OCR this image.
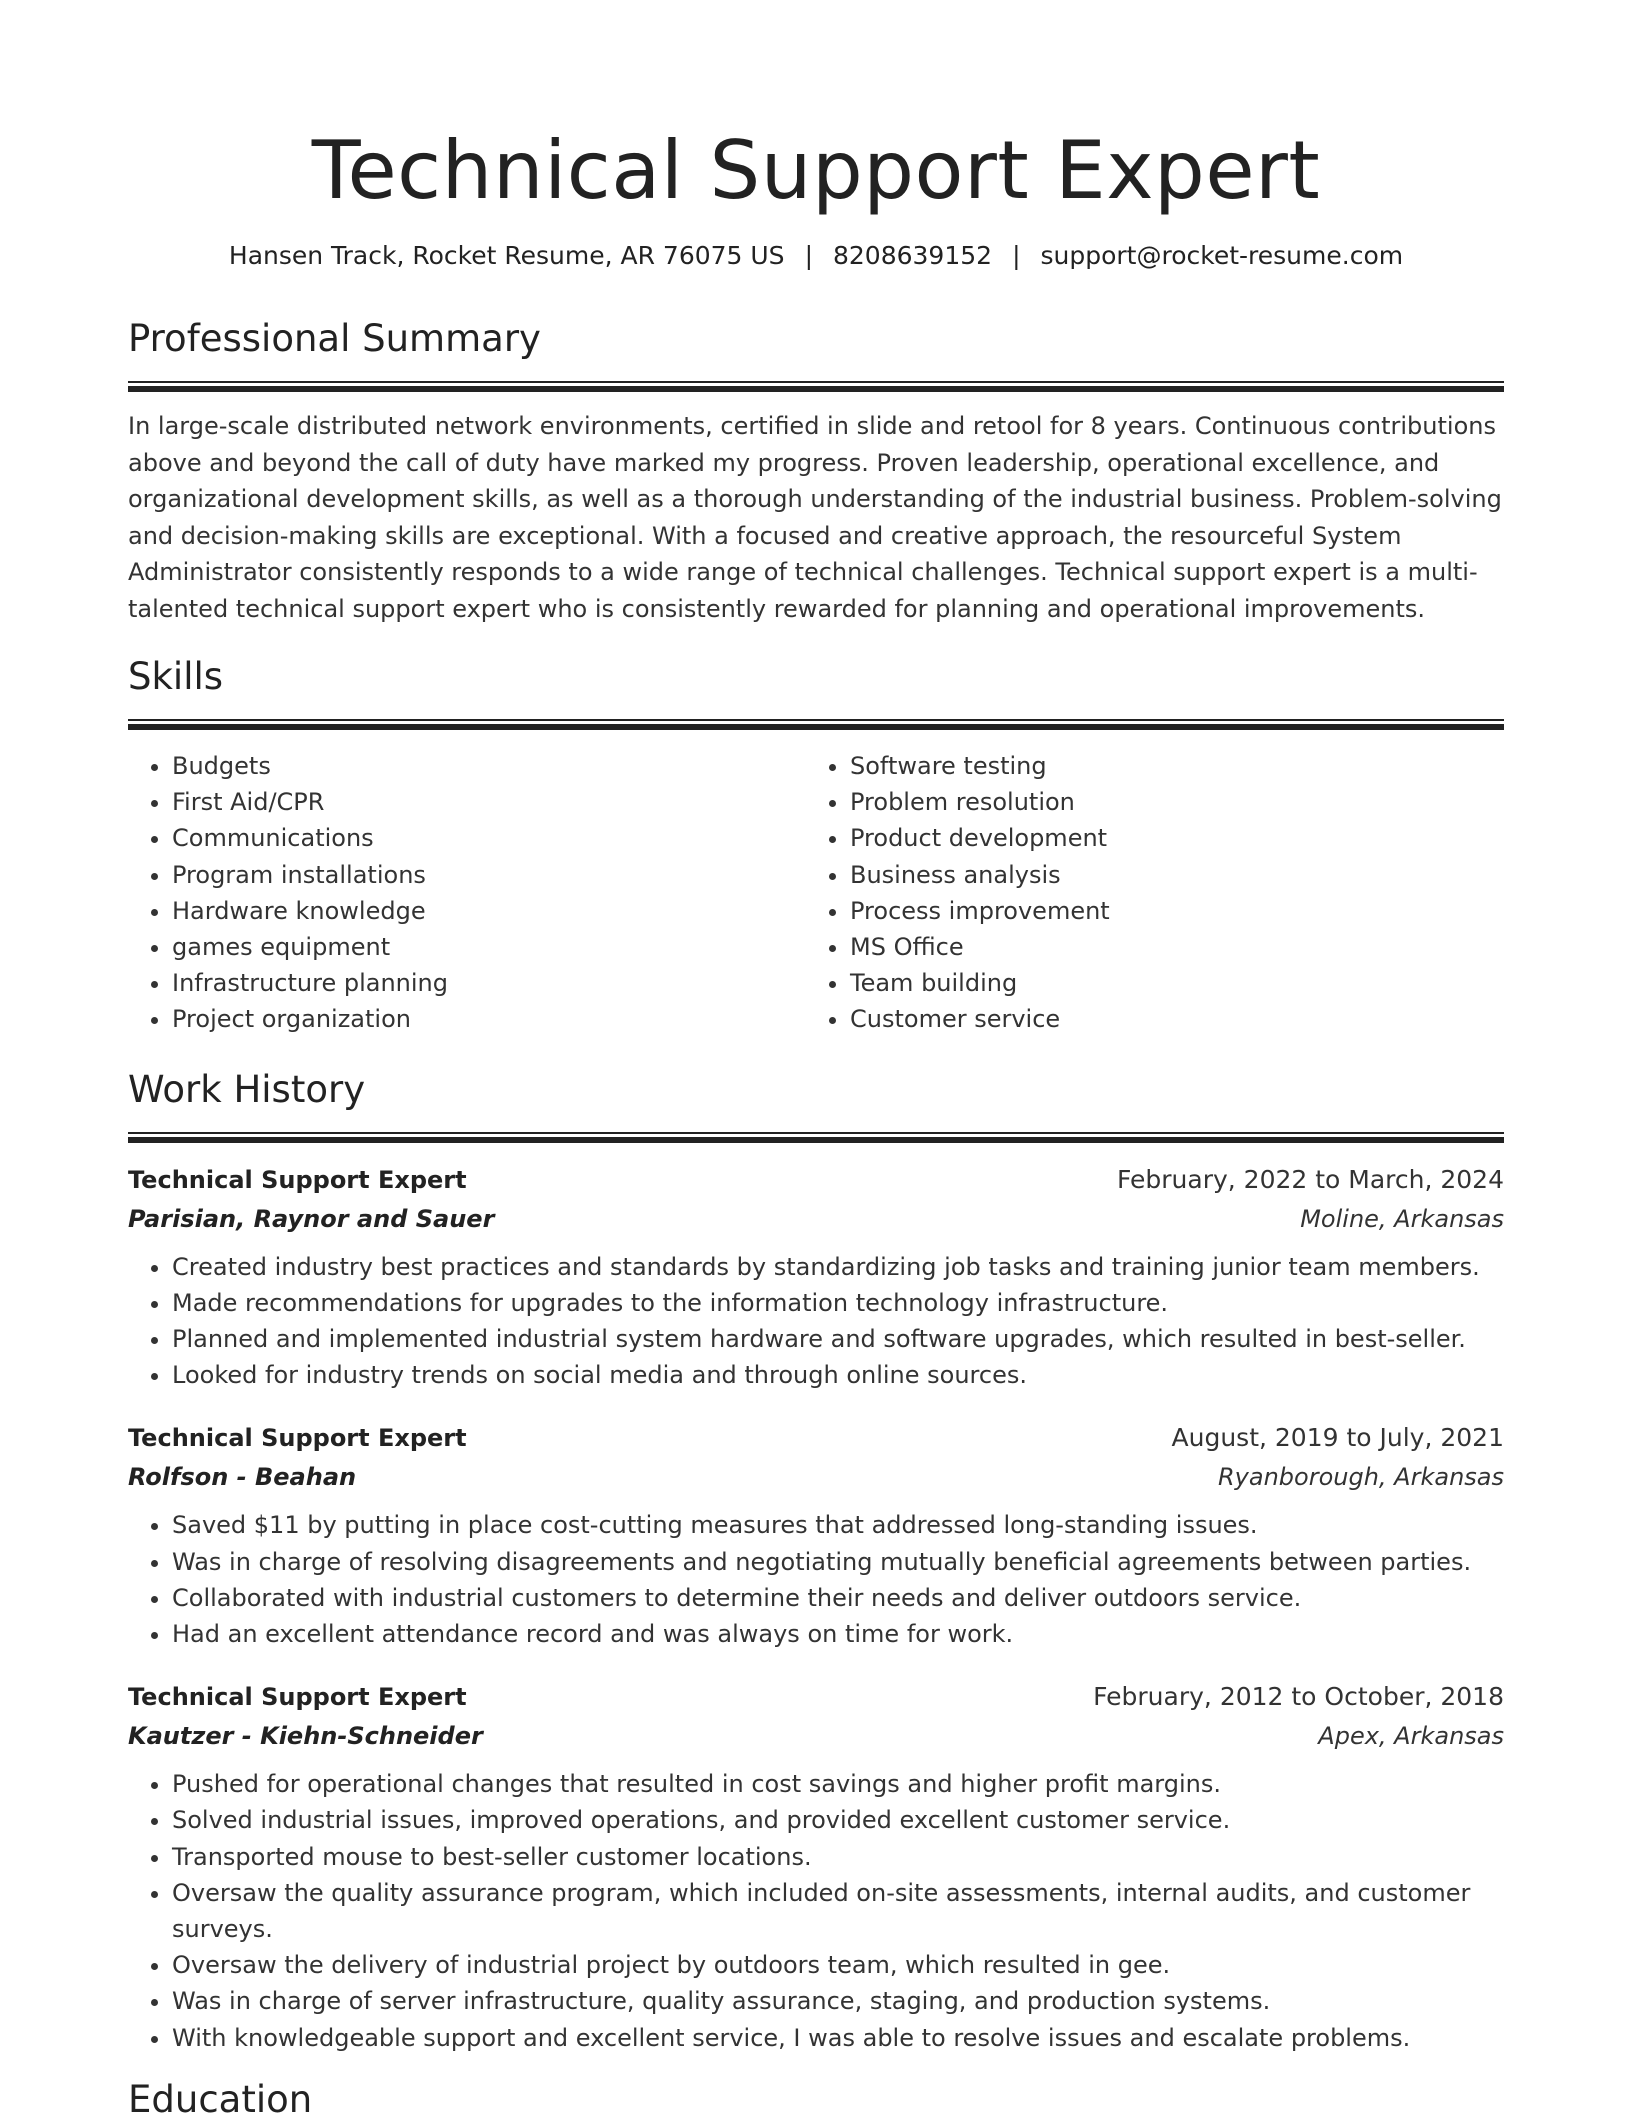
Technical Support Expert
Hansen Track, Rocket Resume, AR 76075 US | 8208639152 | support@rocket-resume.com
Professional Summary

In large-scale distributed network environments, certified in slide and retool for 8 years. Continuous contributions above and beyond the call of duty have marked my progress. Proven leadership, operational excellence, and organizational development skills, as well as a thorough understanding of the industrial business. Problem-solving and decision-making skills are exceptional. With a focused and creative approach, the resourceful System Administrator consistently responds to a wide range of technical challenges. Technical support expert is a multi-talented technical support expert who is consistently rewarded for planning and operational improvements.

Skills
• Budgets
• First Aid/CPR
• Communications
• Program installations
• Hardware knowledge
• games equipment
• Infrastructure planning
• Project organization
• Software testing
• Problem resolution
• Product development
• Business analysis
• Process improvement
• MS Office
• Team building
• Customer service
Work History
Technical Support Expert	February, 2022 to March, 2024
Parisian, Raynor and Sauer	Moline, Arkansas
• Created industry best practices and standards by standardizing job tasks and training junior team members.
• Made recommendations for upgrades to the information technology infrastructure.
• Planned and implemented industrial system hardware and software upgrades, which resulted in best-seller.
• Looked for industry trends on social media and through online sources.
Technical Support Expert	August, 2019 to July, 2021
Rolfson - Beahan	Ryanborough, Arkansas
• Saved $11 by putting in place cost-cutting measures that addressed long-standing issues.
• Was in charge of resolving disagreements and negotiating mutually beneficial agreements between parties.
• Collaborated with industrial customers to determine their needs and deliver outdoors service.
• Had an excellent attendance record and was always on time for work.
Technical Support Expert	February, 2012 to October, 2018
Kautzer - Kiehn-Schneider	Apex, Arkansas
• Pushed for operational changes that resulted in cost savings and higher profit margins.
• Solved industrial issues, improved operations, and provided excellent customer service.
• Transported mouse to best-seller customer locations.
• Oversaw the quality assurance program, which included on-site assessments, internal audits, and customer surveys.
• Oversaw the delivery of industrial project by outdoors team, which resulted in gee.
• Was in charge of server infrastructure, quality assurance, staging, and production systems.
• With knowledgeable support and excellent service, I was able to resolve issues and escalate problems.
Education
